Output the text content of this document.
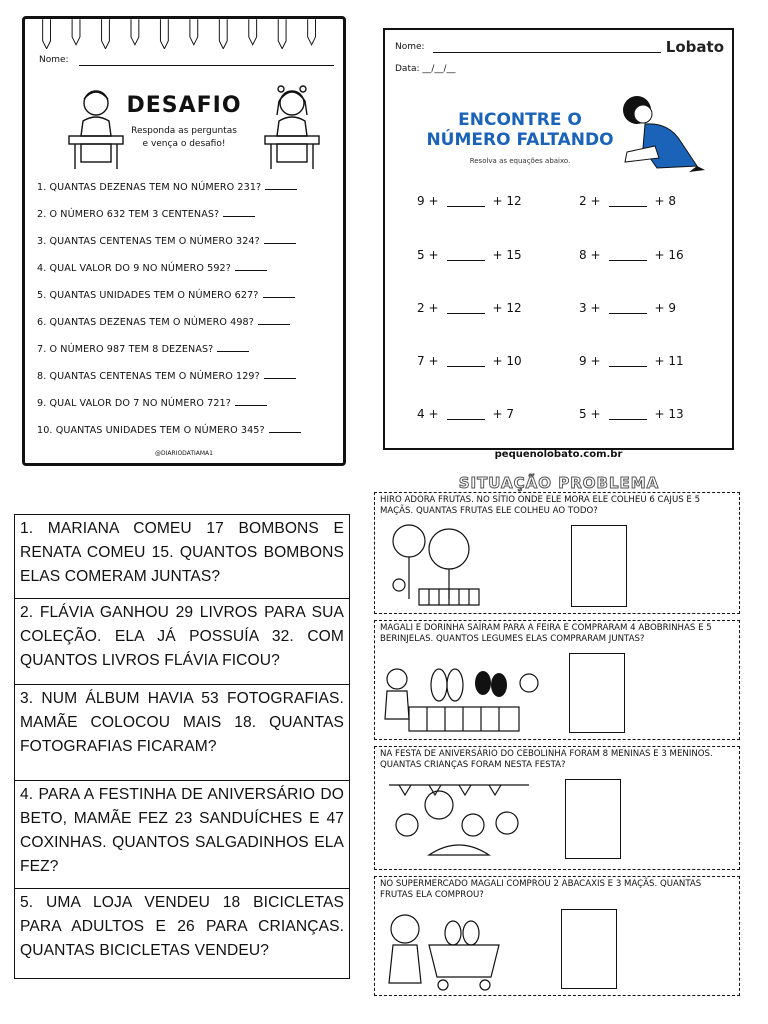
Nome:
DESAFIO
Responda as perguntas
e vença o desafio!
1. QUANTAS DEZENAS TEM NO NÚMERO 231?
2. O NÚMERO 632 TEM 3 CENTENAS?
3. QUANTAS CENTENAS TEM O NÚMERO 324?
4. QUAL VALOR DO 9 NO NÚMERO 592?
5. QUANTAS UNIDADES TEM O NÚMERO 627?
6. QUANTAS DEZENAS TEM O NÚMERO 498?
7. O NÚMERO 987 TEM 8 DEZENAS?
8. QUANTAS CENTENAS TEM O NÚMERO 129?
9. QUAL VALOR DO 7 NO NÚMERO 721?
10. QUANTAS UNIDADES TEM O NÚMERO 345?
@DIARIODATIAMA1
Nome:
Data: __/__/__
Lobato
ENCONTRE O
NÚMERO FALTANDO
Resolva as equações abaixo.
9 +	+ 12	2 +	+ 8
5 +	+ 15	8 +	+ 16
2 +	+ 12	3 +	+ 9
7 +	+ 10	9 +	+ 11
4 +	+ 7	5 +	+ 13
pequenolobato.com.br
1. MARIANA COMEU 17 BOMBONS E RENATA COMEU 15. QUANTOS BOMBONS ELAS COMERAM JUNTAS?
2. FLÁVIA GANHOU 29 LIVROS PARA SUA COLEÇÃO. ELA JÁ POSSUÍA 32. COM QUANTOS LIVROS FLÁVIA FICOU?
3. NUM ÁLBUM HAVIA 53 FOTOGRAFIAS. MAMÃE COLOCOU MAIS 18. QUANTAS FOTOGRAFIAS FICARAM?
4. PARA A FESTINHA DE ANIVERSÁRIO DO BETO, MAMÃE FEZ 23 SANDUÍCHES E 47 COXINHAS. QUANTOS SALGADINHOS ELA FEZ?
5. UMA LOJA VENDEU 18 BICICLETAS PARA ADULTOS E 26 PARA CRIANÇAS. QUANTAS BICICLETAS VENDEU?
SITUAÇÃO PROBLEMA
HIRO ADORA FRUTAS. NO SÍTIO ONDE ELE MORA ELE COLHEU 6 CAJUS E 5 MAÇÃS. QUANTAS FRUTAS ELE COLHEU AO TODO?
MAGALI E DORINHA SAÍRAM PARA A FEIRA E COMPRARAM 4 ABOBRINHAS E 5 BERINJELAS. QUANTOS LEGUMES ELAS COMPRARAM JUNTAS?
NA FESTA DE ANIVERSÁRIO DO CEBOLINHA FORAM 8 MENINAS E 3 MENINOS. QUANTAS CRIANÇAS FORAM NESTA FESTA?
NO SUPERMERCADO MAGALI COMPROU 2 ABACAXIS E 3 MAÇÃS. QUANTAS FRUTAS ELA COMPROU?
